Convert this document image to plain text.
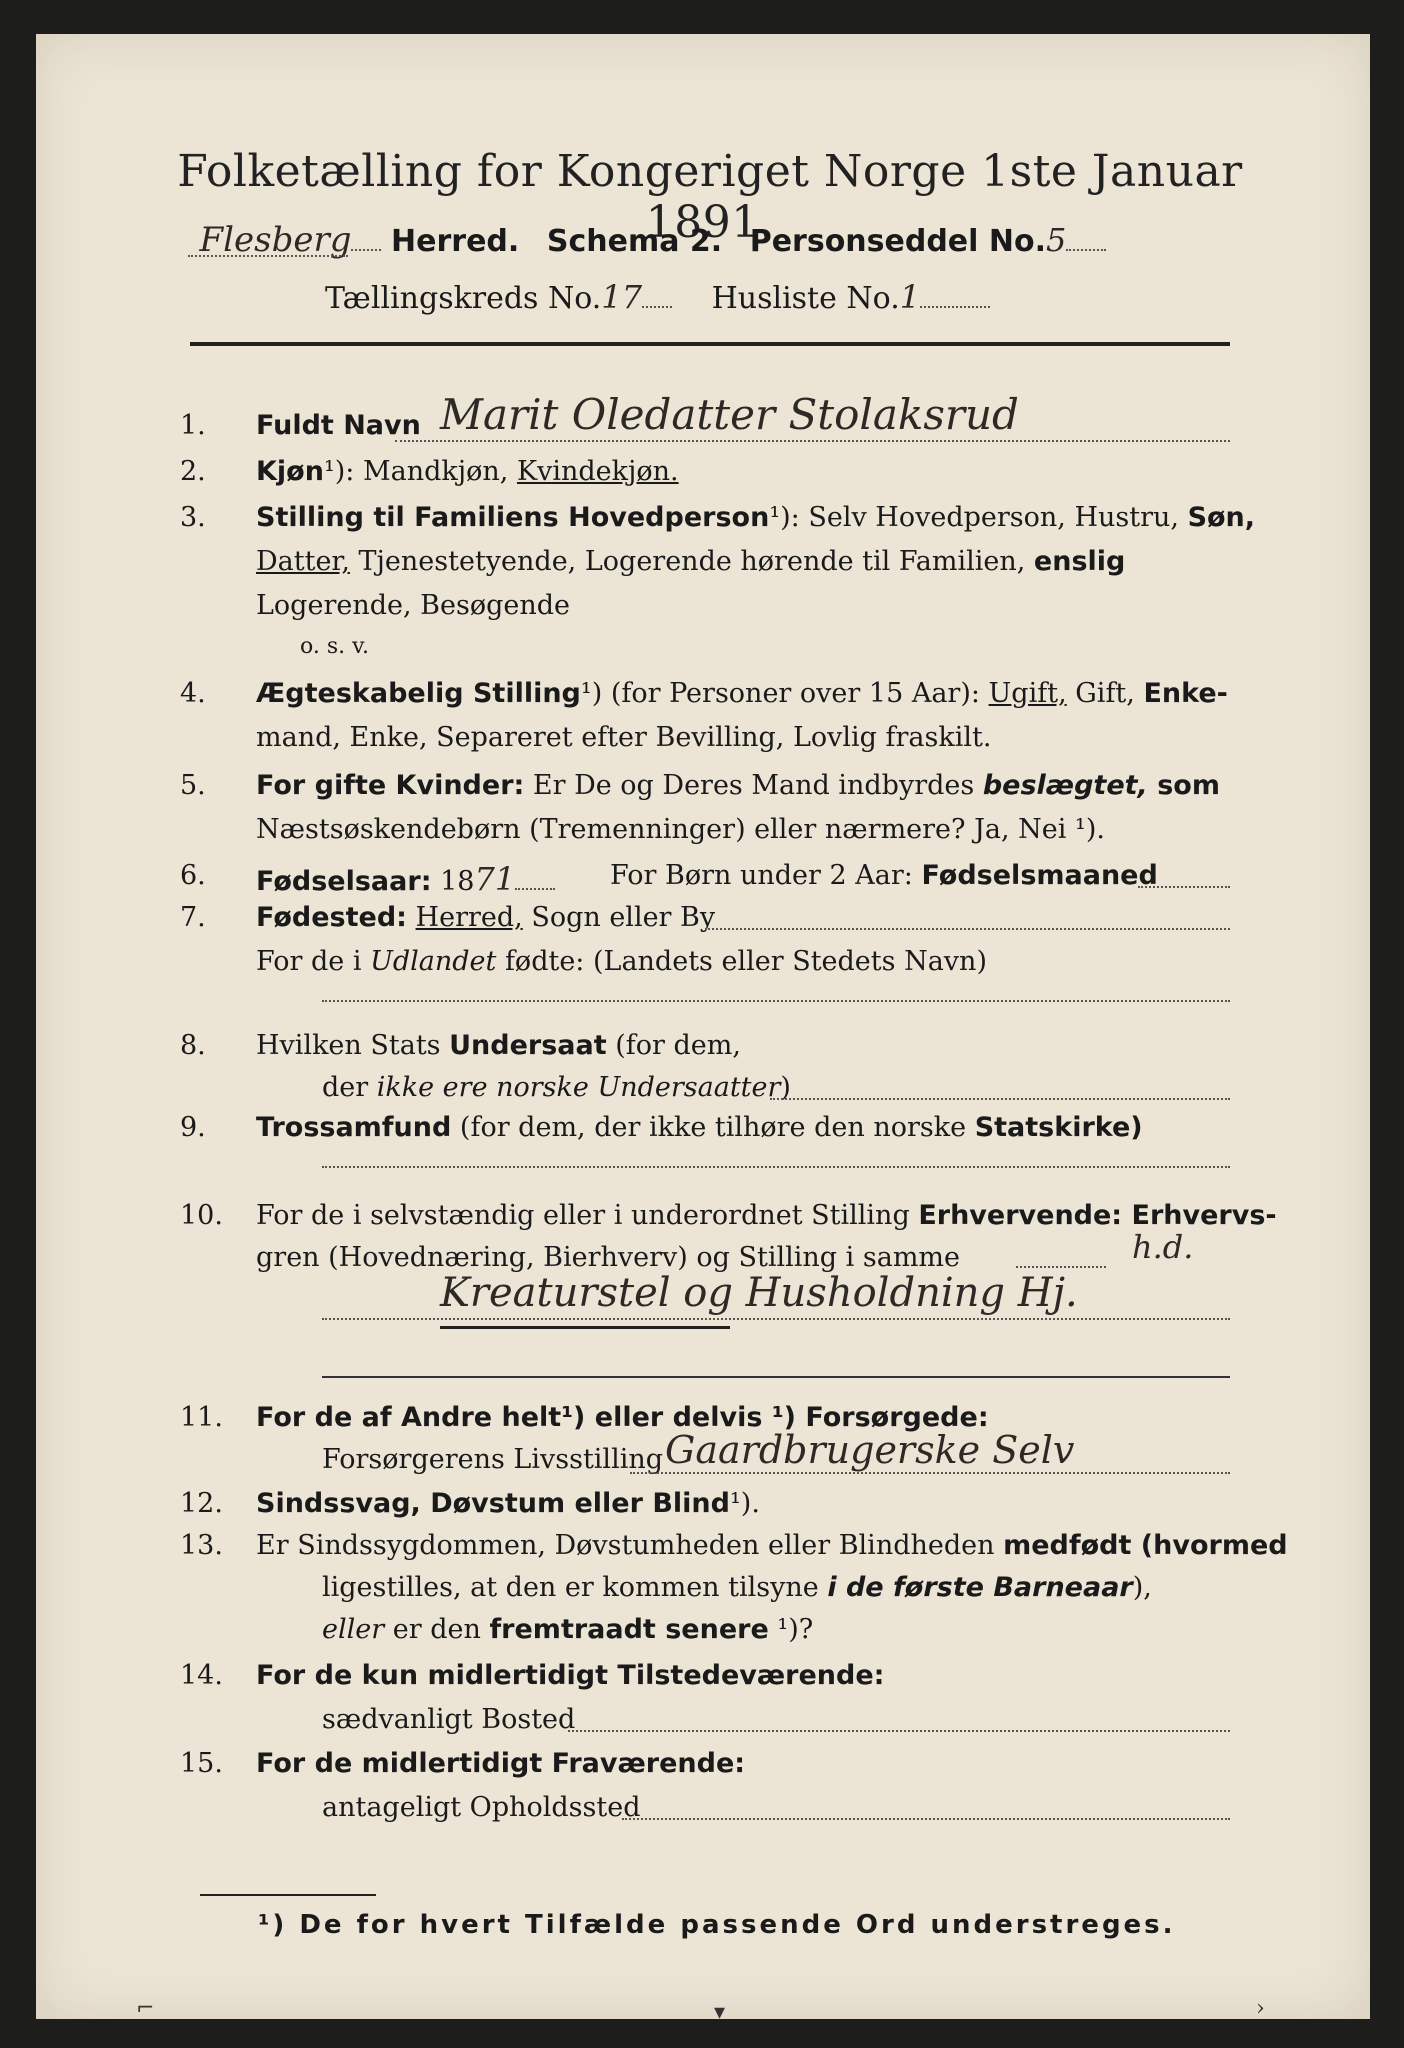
Folketælling for Kongeriget Norge 1ste Januar 1891.
Flesberg Herred. Schema 2. Personseddel No.5
Tællingskreds No.17 Husliste No.1
1. Fuldt Navn Marit Oledatter Stolaksrud
2. Kjøn¹): Mandkjøn, Kvindekjøn.
3. Stilling til Familiens Hovedperson¹): Selv Hovedperson, Hustru, Søn,
Datter, Tjenestetyende, Logerende hørende til Familien, enslig
Logerende, Besøgende
o. s. v.
4. Ægteskabelig Stilling¹) (for Personer over 15 Aar): Ugift, Gift, Enke-
mand, Enke, Separeret efter Bevilling, Lovlig fraskilt.
5. For gifte Kvinder: Er De og Deres Mand indbyrdes beslægtet, som
Næstsøskendebørn (Tremenninger) eller nærmere? Ja, Nei ¹).
6. Fødselsaar: 1871	For Børn under 2 Aar: Fødselsmaaned
7. Fødested: Herred, Sogn eller By
For de i Udlandet fødte: (Landets eller Stedets Navn)
8. Hvilken Stats Undersaat (for dem,
der ikke ere norske Undersaatter)
9. Trossamfund (for dem, der ikke tilhøre den norske Statskirke)
10. For de i selvstændig eller i underordnet Stilling Erhvervende: Erhvervs-
gren (Hovednæring, Bierhverv) og Stilling i samme	h.d.
Kreaturstel og Husholdning Hj.
11. For de af Andre helt¹) eller delvis ¹) Forsørgede:
Forsørgerens Livsstilling Gaardbrugerske Selv
12. Sindssvag, Døvstum eller Blind¹).
13. Er Sindssygdommen, Døvstumheden eller Blindheden medfødt (hvormed
ligestilles, at den er kommen tilsyne i de første Barneaar),
eller er den fremtraadt senere ¹)?
14. For de kun midlertidigt Tilstedeværende:
sædvanligt Bosted
15. For de midlertidigt Fraværende:
antageligt Opholdssted
¹) De for hvert Tilfælde passende Ord understreges.
⌐	▾	›
